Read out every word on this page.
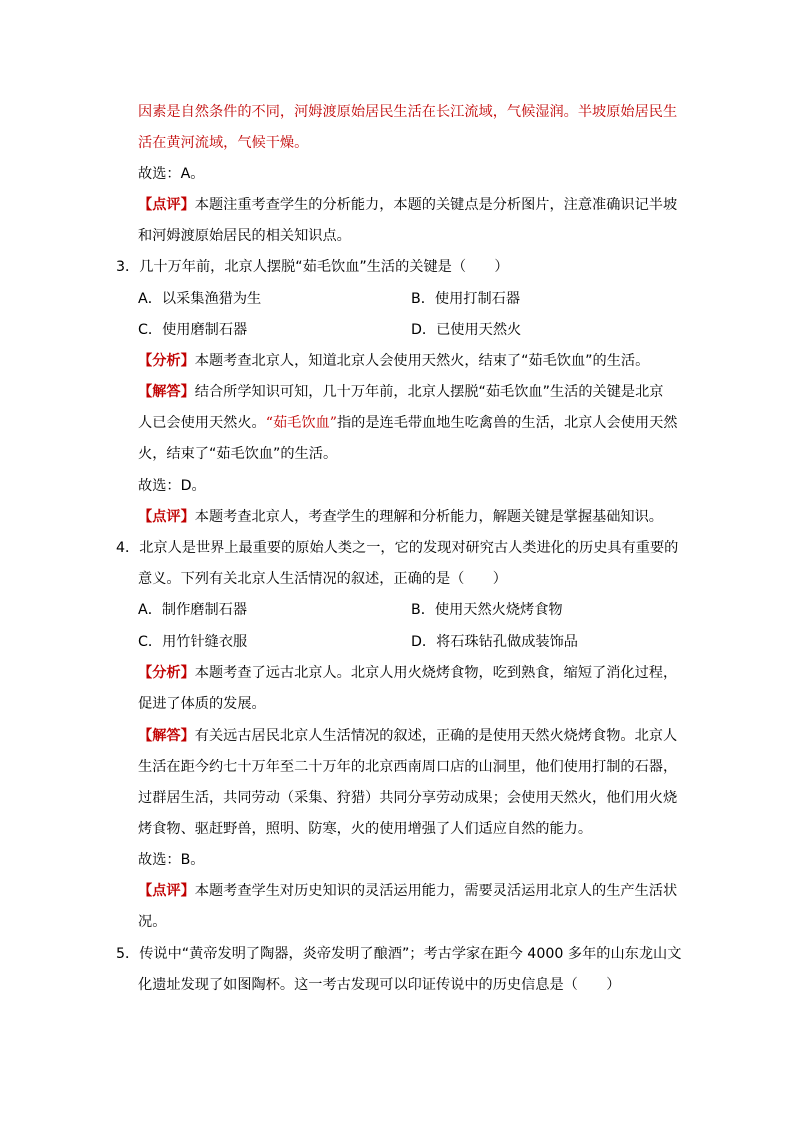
因素是自然条件的不同，河姆渡原始居民生活在长江流域，气候湿润。半坡原始居民生
活在黄河流域，气候干燥。
故选：A。
【点评】本题注重考查学生的分析能力，本题的关键点是分析图片，注意准确识记半坡
和河姆渡原始居民的相关知识点。
3．几十万年前，北京人摆脱“茹毛饮血”生活的关键是（　　）
A．以采集渔猎为生	B．使用打制石器
C．使用磨制石器	D．已使用天然火
【分析】本题考查北京人，知道北京人会使用天然火，结束了“茹毛饮血”的生活。
【解答】结合所学知识可知，几十万年前，北京人摆脱“茹毛饮血”生活的关键是北京
人已会使用天然火。“茹毛饮血”指的是连毛带血地生吃禽兽的生活，北京人会使用天然
火，结束了“茹毛饮血”的生活。
故选：D。
【点评】本题考查北京人，考查学生的理解和分析能力，解题关键是掌握基础知识。
4．北京人是世界上最重要的原始人类之一，它的发现对研究古人类进化的历史具有重要的
意义。下列有关北京人生活情况的叙述，正确的是（　　）
A．制作磨制石器	B．使用天然火烧烤食物
C．用竹针缝衣服	D．将石珠钻孔做成装饰品
【分析】本题考查了远古北京人。北京人用火烧烤食物，吃到熟食，缩短了消化过程，
促进了体质的发展。
【解答】有关远古居民北京人生活情况的叙述，正确的是使用天然火烧烤食物。北京人
生活在距今约七十万年至二十万年的北京西南周口店的山洞里，他们使用打制的石器，
过群居生活，共同劳动（采集、狩猎）共同分享劳动成果；会使用天然火，他们用火烧
烤食物、驱赶野兽，照明、防寒，火的使用增强了人们适应自然的能力。
故选：B。
【点评】本题考查学生对历史知识的灵活运用能力，需要灵活运用北京人的生产生活状
况。
5．传说中“黄帝发明了陶器，炎帝发明了酿酒”；考古学家在距今 4000 多年的山东龙山文
化遗址发现了如图陶杯。这一考古发现可以印证传说中的历史信息是（　　）
